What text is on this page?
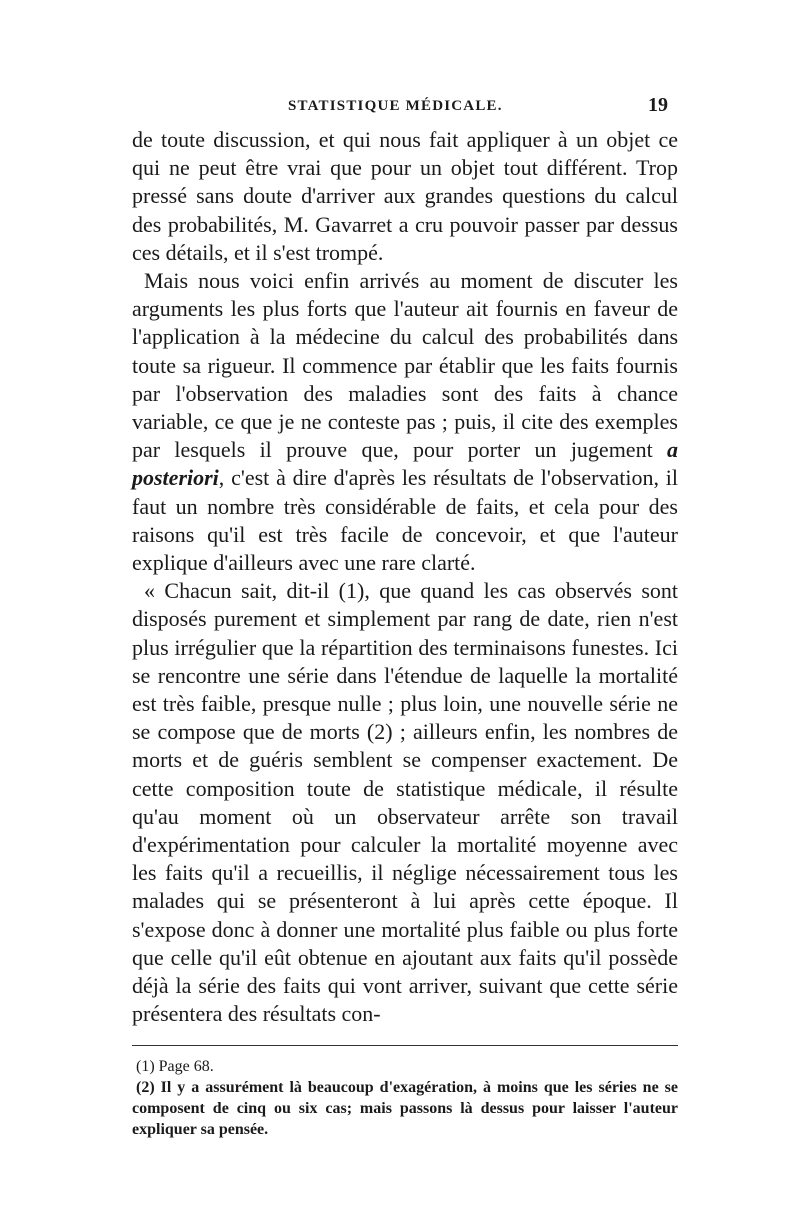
STATISTIQUE MÉDICALE.	19

de toute discussion, et qui nous fait appliquer à un objet ce qui ne peut être vrai que pour un objet tout différent. Trop pressé sans doute d'arriver aux grandes questions du calcul des probabilités, M. Gavarret a cru pouvoir passer par dessus ces détails, et il s'est trompé.

Mais nous voici enfin arrivés au moment de discuter les arguments les plus forts que l'auteur ait fournis en faveur de l'application à la médecine du calcul des probabilités dans toute sa rigueur. Il commence par établir que les faits fournis par l'observation des maladies sont des faits à chance variable, ce que je ne conteste pas ; puis, il cite des exemples par lesquels il prouve que, pour porter un jugement a posteriori, c'est à dire d'après les résultats de l'observation, il faut un nombre très considérable de faits, et cela pour des raisons qu'il est très facile de concevoir, et que l'auteur explique d'ailleurs avec une rare clarté.

« Chacun sait, dit-il (1), que quand les cas observés sont disposés purement et simplement par rang de date, rien n'est plus irrégulier que la répartition des terminaisons funestes. Ici se rencontre une série dans l'étendue de laquelle la mortalité est très faible, presque nulle ; plus loin, une nouvelle série ne se compose que de morts (2) ; ailleurs enfin, les nombres de morts et de guéris semblent se compenser exactement. De cette composition toute de statistique médicale, il résulte qu'au moment où un observateur arrête son travail d'expérimentation pour calculer la mortalité moyenne avec les faits qu'il a recueillis, il néglige nécessairement tous les malades qui se présenteront à lui après cette époque. Il s'expose donc à donner une mortalité plus faible ou plus forte que celle qu'il eût obtenue en ajoutant aux faits qu'il possède déjà la série des faits qui vont arriver, suivant que cette série présentera des résultats con-

(1) Page 68.

(2) Il y a assurément là beaucoup d'exagération, à moins que les séries ne se composent de cinq ou six cas; mais passons là dessus pour laisser l'auteur expliquer sa pensée.
